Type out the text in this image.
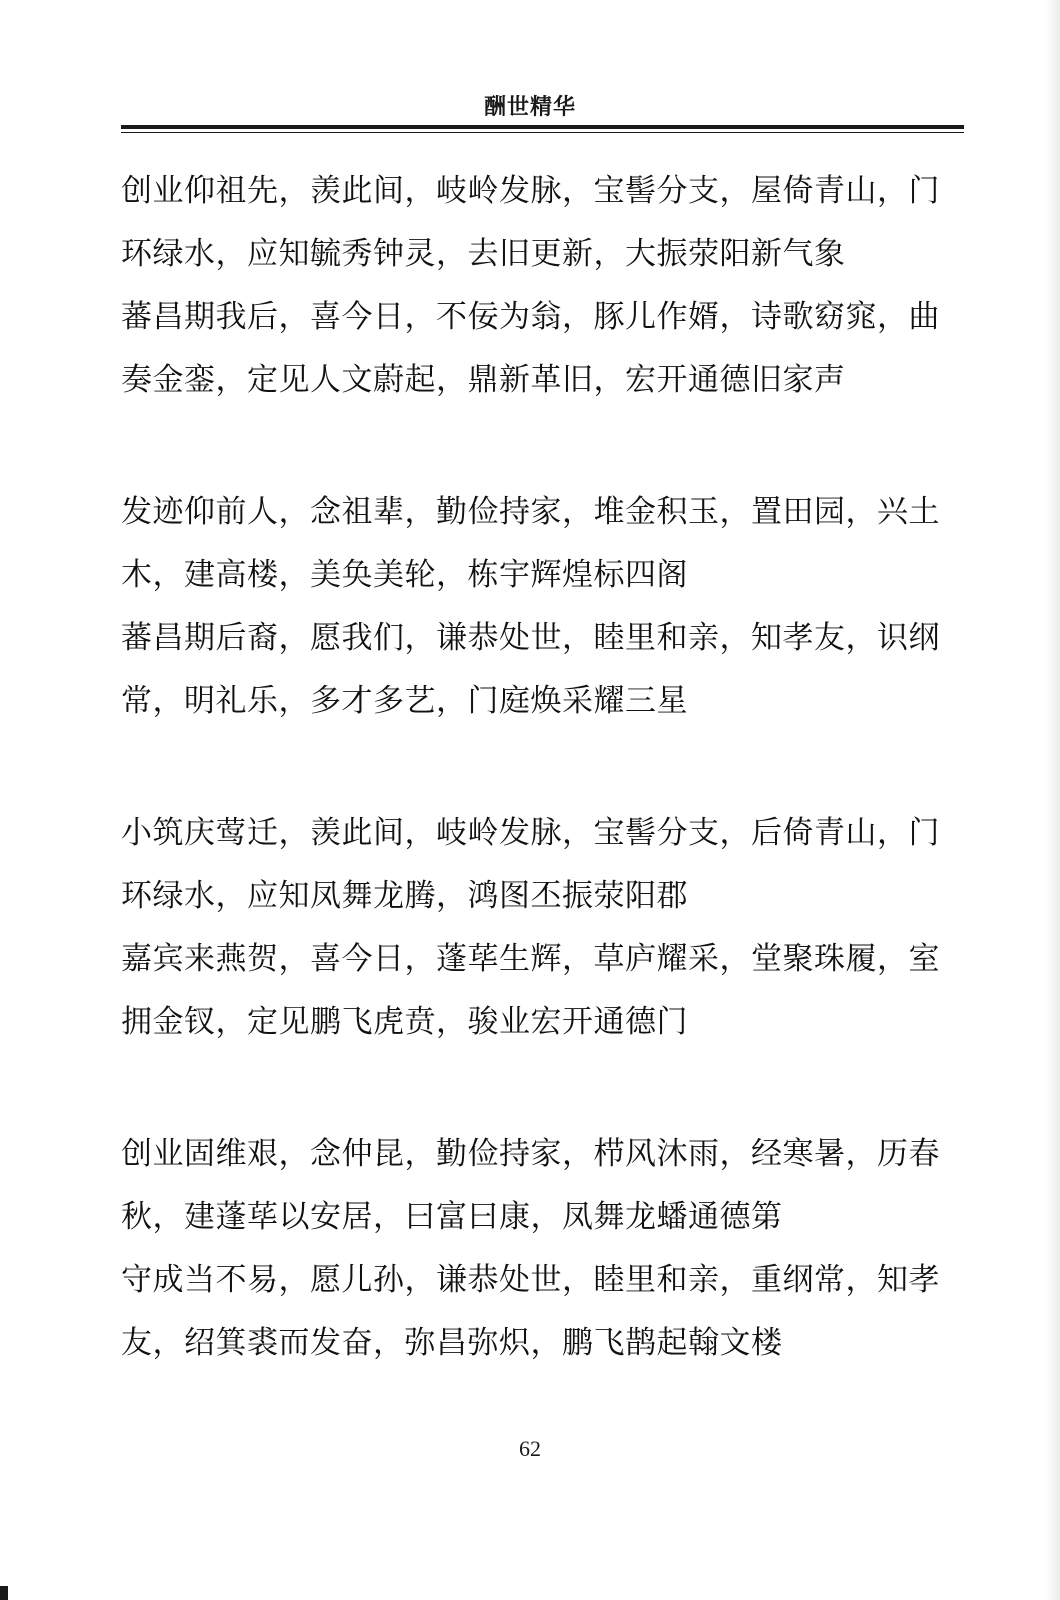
酬世精华

创业仰祖先，羡此间，岐岭发脉，宝髻分支，屋倚青山，门环绿水，应知毓秀钟灵，去旧更新，大振荥阳新气象

蕃昌期我后，喜今日，不佞为翁，豚儿作婿，诗歌窈窕，曲奏金銮，定见人文蔚起，鼎新革旧，宏开通德旧家声

发迹仰前人，念祖辈，勤俭持家，堆金积玉，置田园，兴土木，建高楼，美奂美轮，栋宇辉煌标四阁

蕃昌期后裔，愿我们，谦恭处世，睦里和亲，知孝友，识纲常，明礼乐，多才多艺，门庭焕采耀三星

小筑庆莺迁，羡此间，岐岭发脉，宝髻分支，后倚青山，门环绿水，应知凤舞龙腾，鸿图丕振荥阳郡

嘉宾来燕贺，喜今日，蓬荜生辉，草庐耀采，堂聚珠履，室拥金钗，定见鹏飞虎贲，骏业宏开通德门

创业固维艰，念仲昆，勤俭持家，栉风沐雨，经寒暑，历春秋，建蓬荜以安居，曰富曰康，凤舞龙蟠通德第

守成当不易，愿儿孙，谦恭处世，睦里和亲，重纲常，知孝友，绍箕裘而发奋，弥昌弥炽，鹏飞鹊起翰文楼

62
